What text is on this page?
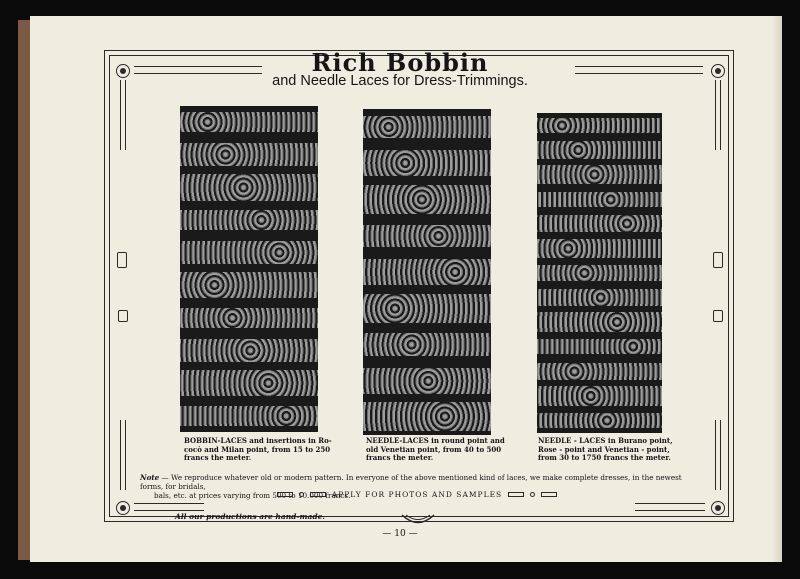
Rich Bobbin
and Needle Laces for Dress-Trimmings.
BOBBIN-LACES and insertions in Ro-
cocò and Milan point, from 15 to 250
francs the meter.
NEEDLE-LACES in round point and
old Venetian point, from 40 to 500
francs the meter.
NEEDLE - LACES in Burano point,
Rose - point and Venetian - point,
from 30 to 1750 francs the meter.
Note — We reproduce whatever old or modern pattern. In everyone of the above mentioned kind of laces, we make complete dresses, in the newest forms, for bridals,
bals, etc. at prices varying from 500 to 10.000 francs.
APPLY FOR PHOTOS AND SAMPLES
All our productions are hand-made.
— 10 —
